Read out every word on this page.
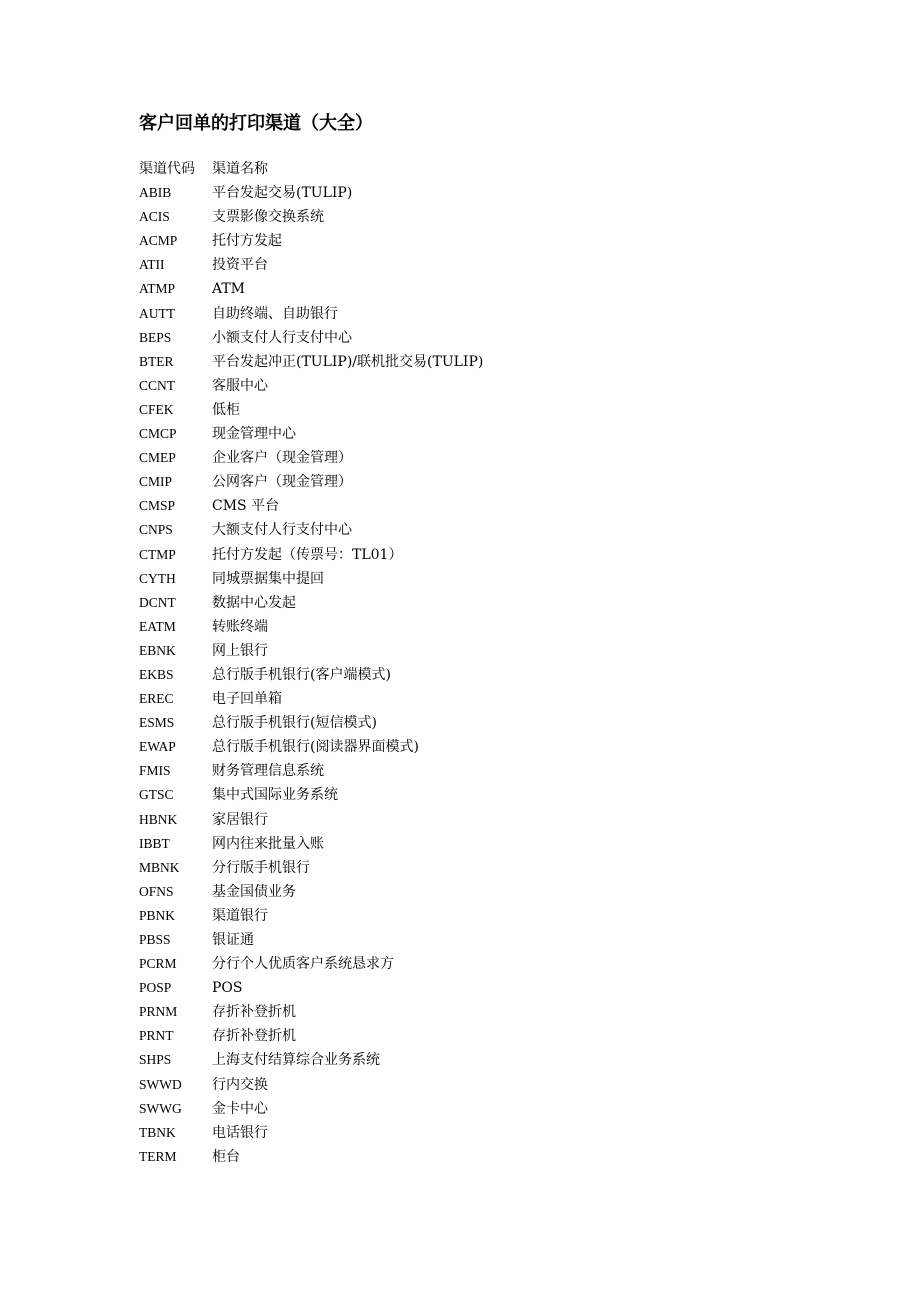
客户回单的打印渠道（大全）
渠道代码	渠道名称
ABIB	平台发起交易(TULIP)
ACIS	支票影像交换系统
ACMP	托付方发起
ATII	投资平台
ATMP	ATM
AUTT	自助终端、自助银行
BEPS	小额支付人行支付中心
BTER	平台发起冲正(TULIP)/联机批交易(TULIP)
CCNT	客服中心
CFEK	低柜
CMCP	现金管理中心
CMEP	企业客户（现金管理）
CMIP	公网客户（现金管理）
CMSP	CMS 平台
CNPS	大额支付人行支付中心
CTMP	托付方发起（传票号：TL01）
CYTH	同城票据集中提回
DCNT	数据中心发起
EATM	转账终端
EBNK	网上银行
EKBS	总行版手机银行(客户端模式)
EREC	电子回单箱
ESMS	总行版手机银行(短信模式)
EWAP	总行版手机银行(阅读器界面模式)
FMIS	财务管理信息系统
GTSC	集中式国际业务系统
HBNK	家居银行
IBBT	网内往来批量入账
MBNK	分行版手机银行
OFNS	基金国债业务
PBNK	渠道银行
PBSS	银证通
PCRM	分行个人优质客户系统恳求方
POSP	POS
PRNM	存折补登折机
PRNT	存折补登折机
SHPS	上海支付结算综合业务系统
SWWD	行内交换
SWWG	金卡中心
TBNK	电话银行
TERM	柜台
